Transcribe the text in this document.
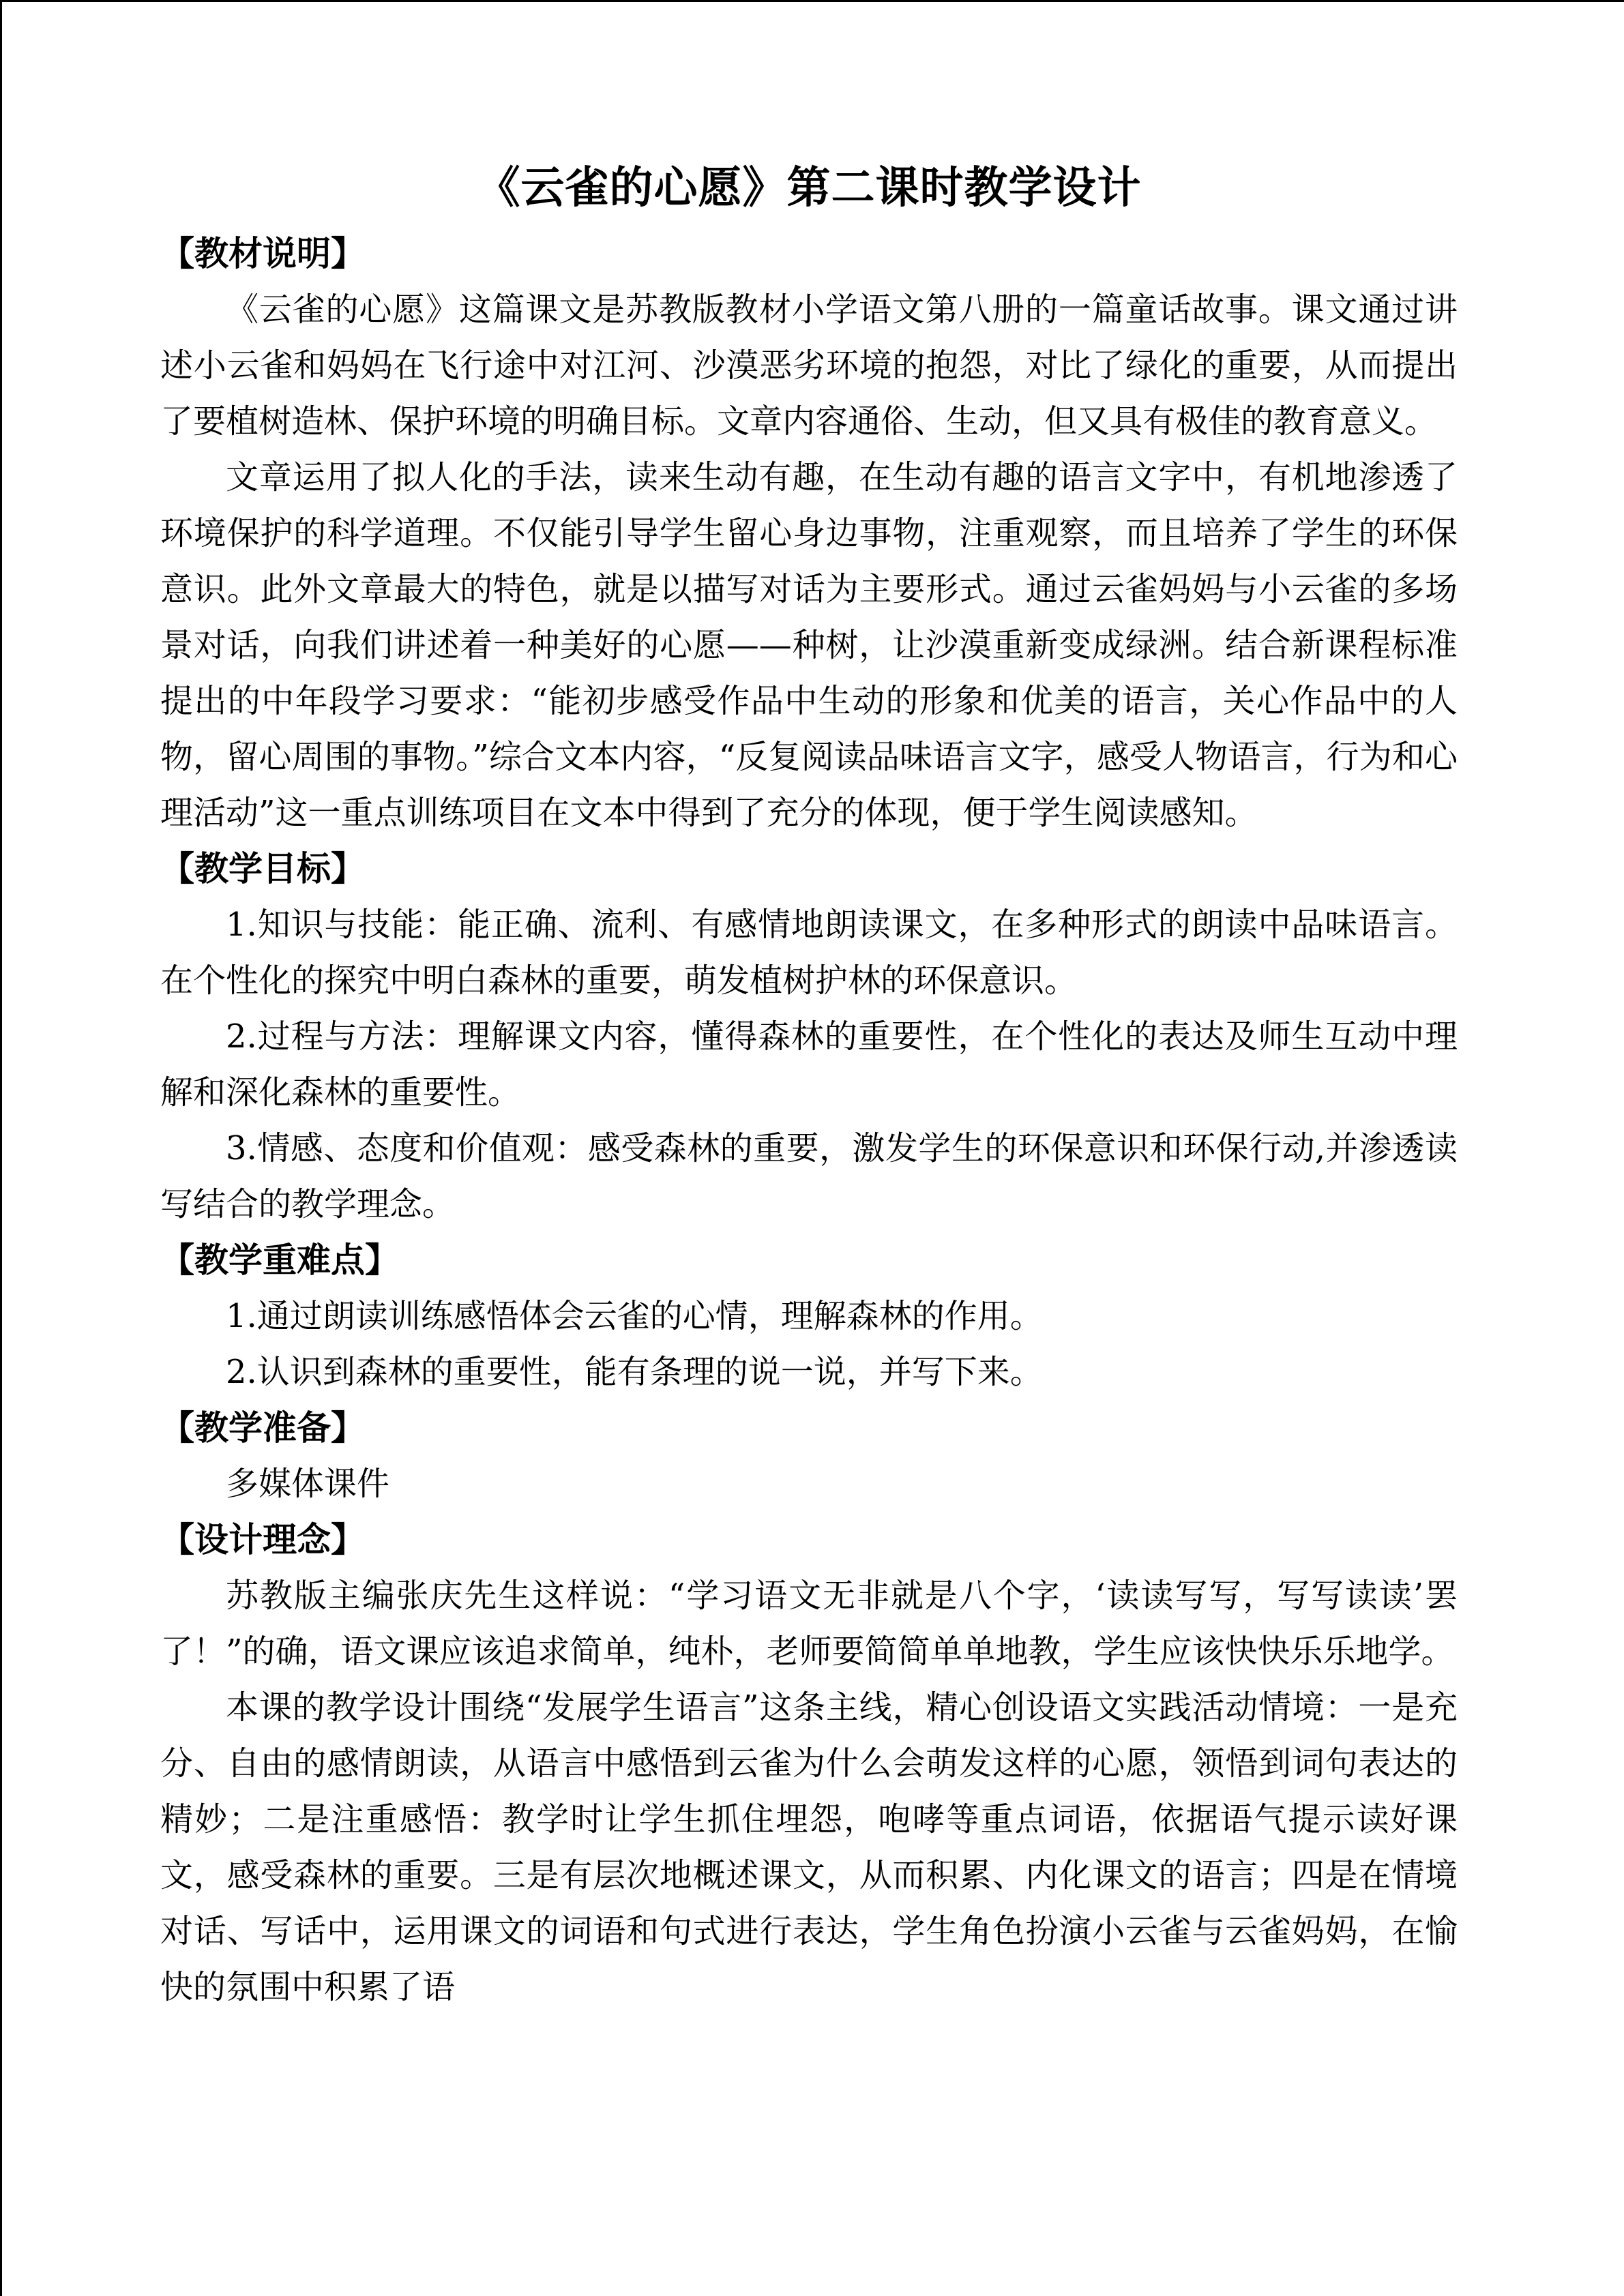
《云雀的心愿》第二课时教学设计
【教材说明】

《云雀的心愿》这篇课文是苏教版教材小学语文第八册的一篇童话故事。课文通过讲述小云雀和妈妈在飞行途中对江河、沙漠恶劣环境的抱怨，对比了绿化的重要，从而提出了要植树造林、保护环境的明确目标。文章内容通俗、生动，但又具有极佳的教育意义。

文章运用了拟人化的手法，读来生动有趣，在生动有趣的语言文字中，有机地渗透了环境保护的科学道理。不仅能引导学生留心身边事物，注重观察，而且培养了学生的环保意识。此外文章最大的特色，就是以描写对话为主要形式。通过云雀妈妈与小云雀的多场景对话，向我们讲述着一种美好的心愿——种树，让沙漠重新变成绿洲。结合新课程标准提出的中年段学习要求：“能初步感受作品中生动的形象和优美的语言，关心作品中的人物，留心周围的事物。”综合文本内容，“反复阅读品味语言文字，感受人物语言，行为和心理活动”这一重点训练项目在文本中得到了充分的体现，便于学生阅读感知。

【教学目标】

1.知识与技能：能正确、流利、有感情地朗读课文，在多种形式的朗读中品味语言。在个性化的探究中明白森林的重要，萌发植树护林的环保意识。

2.过程与方法：理解课文内容，懂得森林的重要性，在个性化的表达及师生互动中理解和深化森林的重要性。

3.情感、态度和价值观：感受森林的重要，激发学生的环保意识和环保行动,并渗透读写结合的教学理念。

【教学重难点】

1.通过朗读训练感悟体会云雀的心情，理解森林的作用。

2.认识到森林的重要性，能有条理的说一说，并写下来。

【教学准备】

多媒体课件

【设计理念】

苏教版主编张庆先生这样说：“学习语文无非就是八个字，‘读读写写，写写读读’罢了！”的确，语文课应该追求简单，纯朴，老师要简简单单地教，学生应该快快乐乐地学。

本课的教学设计围绕“发展学生语言”这条主线，精心创设语文实践活动情境：一是充分、自由的感情朗读，从语言中感悟到云雀为什么会萌发这样的心愿，领悟到词句表达的精妙；二是注重感悟：教学时让学生抓住埋怨，咆哮等重点词语，依据语气提示读好课文，感受森林的重要。三是有层次地概述课文，从而积累、内化课文的语言；四是在情境对话、写话中，运用课文的词语和句式进行表达，学生角色扮演小云雀与云雀妈妈，在愉快的氛围中积累了语
